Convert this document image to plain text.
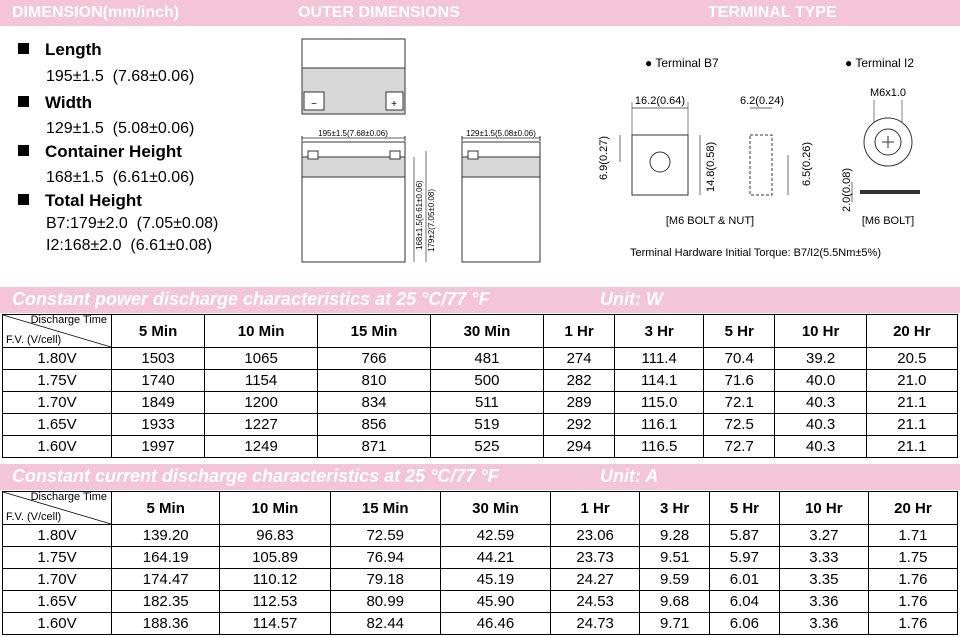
DIMENSION(mm/inch)	OUTER DIMENSIONS	TERMINAL TYPE
Length
195±1.5 (7.68±0.06)
Width
129±1.5 (5.08±0.06)
Container Height
168±1.5 (6.61±0.06)
Total Height
B7:179±2.0 (7.05±0.08)
I2:168±2.0 (6.61±0.08)
−	+
195±1.5(7.68±0.06)
168±1.5(6.61±0.06) 179±2(7.05±0.08)
129±1.5(5.08±0.06)
● Terminal B7	● Terminal I2
16.2(0.64)	6.2(0.24)
6.9(0.27)	14.8(0.58)	6.5(0.26)
[M6 BOLT & NUT]
M6x1.0
2.0(0.08)
[M6 BOLT]
Terminal Hardware Initial Torque: B7/I2(5.5Nm±5%)
Constant power discharge characteristics at 25 °C/77 °F	Unit: W
Discharge Time
F.V. (V/cell)	5 Min	10 Min	15 Min	30 Min	1 Hr	3 Hr	5 Hr	10 Hr	20 Hr
1.80V	1503	1065	766	481	274	111.4	70.4	39.2	20.5
1.75V	1740	1154	810	500	282	114.1	71.6	40.0	21.0
1.70V	1849	1200	834	511	289	115.0	72.1	40.3	21.1
1.65V	1933	1227	856	519	292	116.1	72.5	40.3	21.1
1.60V	1997	1249	871	525	294	116.5	72.7	40.3	21.1
Constant current discharge characteristics at 25 °C/77 °F	Unit: A
Discharge Time
F.V. (V/cell)	5 Min	10 Min	15 Min	30 Min	1 Hr	3 Hr	5 Hr	10 Hr	20 Hr
1.80V	139.20	96.83	72.59	42.59	23.06	9.28	5.87	3.27	1.71
1.75V	164.19	105.89	76.94	44.21	23.73	9.51	5.97	3.33	1.75
1.70V	174.47	110.12	79.18	45.19	24.27	9.59	6.01	3.35	1.76
1.65V	182.35	112.53	80.99	45.90	24.53	9.68	6.04	3.36	1.76
1.60V	188.36	114.57	82.44	46.46	24.73	9.71	6.06	3.36	1.76
